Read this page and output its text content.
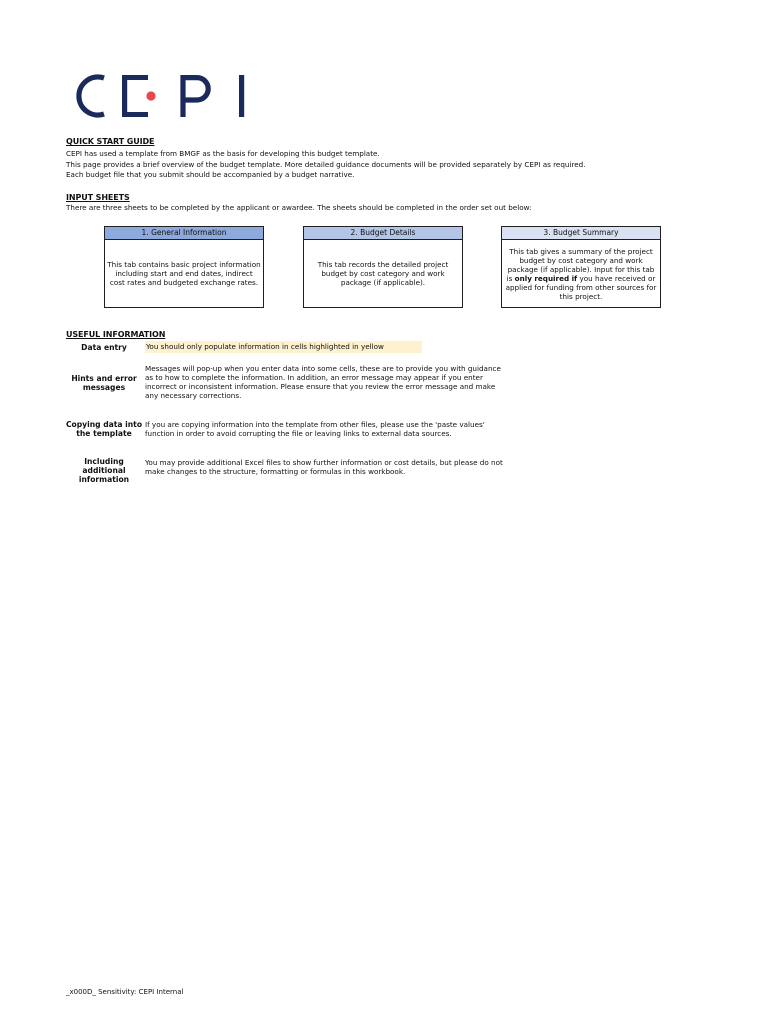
QUICK START GUIDE
CEPI has used a template from BMGF as the basis for developing this budget template.
This page provides a brief overview of the budget template. More detailed guidance documents will be provided separately by CEPI as required.
Each budget file that you submit should be accompanied by a budget narrative.
INPUT SHEETS
There are three sheets to be completed by the applicant or awardee. The sheets should be completed in the order set out below:
1. General Information
This tab contains basic project information including start and end dates, indirect cost rates and budgeted exchange rates.
2. Budget Details
This tab records the detailed project budget by cost category and work package (if applicable).
3. Budget Summary
This tab gives a summary of the project budget by cost category and work package (if applicable). Input for this tab is only required if you have received or applied for funding from other sources for this project.
USEFUL INFORMATION
Data entry	You should only populate information in cells highlighted in yellow
Hints and error messages
Messages will pop-up when you enter data into some cells, these are to provide you with guidance as to how to complete the information. In addition, an error message may appear if you enter incorrect or inconsistent information. Please ensure that you review the error message and make any necessary corrections.
Copying data into the template
If you are copying information into the template from other files, please use the 'paste values' function in order to avoid corrupting the file or leaving links to external data sources.
Including additional information
You may provide additional Excel files to show further information or cost details, but please do not make changes to the structure, formatting or formulas in this workbook.
_x000D_ Sensitivity: CEPI Internal
